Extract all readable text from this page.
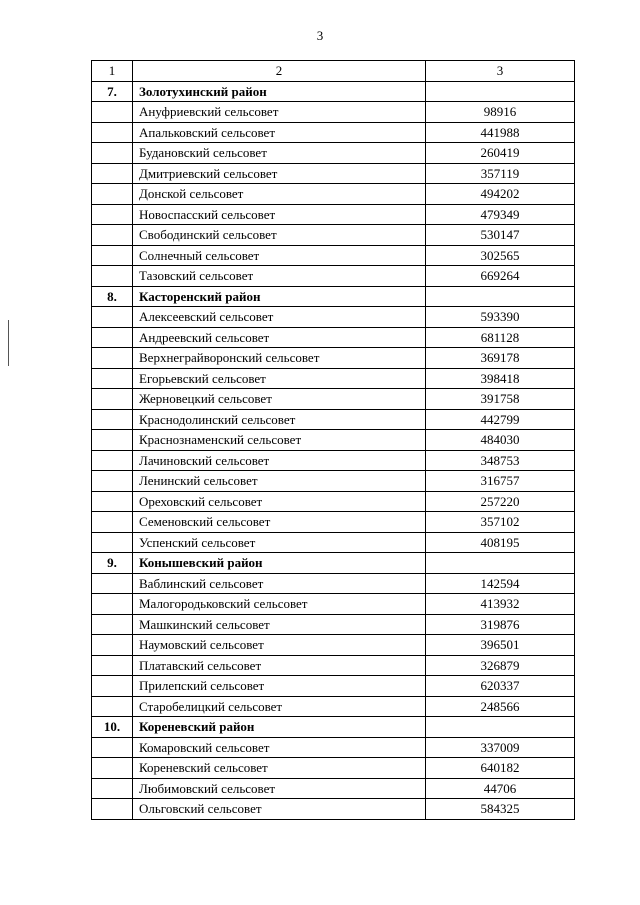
3
1	2	3
7.	Золотухинский район	
	Ануфриевский сельсовет	98916
	Апальковский сельсовет	441988
	Будановский сельсовет	260419
	Дмитриевский сельсовет	357119
	Донской сельсовет	494202
	Новоспасский сельсовет	479349
	Свободинский сельсовет	530147
	Солнечный сельсовет	302565
	Тазовский сельсовет	669264
8.	Касторенский район	
	Алексеевский сельсовет	593390
	Андреевский сельсовет	681128
	Верхнеграйворонский сельсовет	369178
	Егорьевский сельсовет	398418
	Жерновецкий сельсовет	391758
	Краснодолинский сельсовет	442799
	Краснознаменский сельсовет	484030
	Лачиновский сельсовет	348753
	Ленинский сельсовет	316757
	Ореховский сельсовет	257220
	Семеновский сельсовет	357102
	Успенский сельсовет	408195
9.	Конышевский район	
	Ваблинский сельсовет	142594
	Малогородьковский сельсовет	413932
	Машкинский сельсовет	319876
	Наумовский сельсовет	396501
	Платавский сельсовет	326879
	Прилепский сельсовет	620337
	Старобелицкий сельсовет	248566
10.	Кореневский район	
	Комаровский сельсовет	337009
	Кореневский сельсовет	640182
	Любимовский сельсовет	44706
	Ольговский сельсовет	584325
